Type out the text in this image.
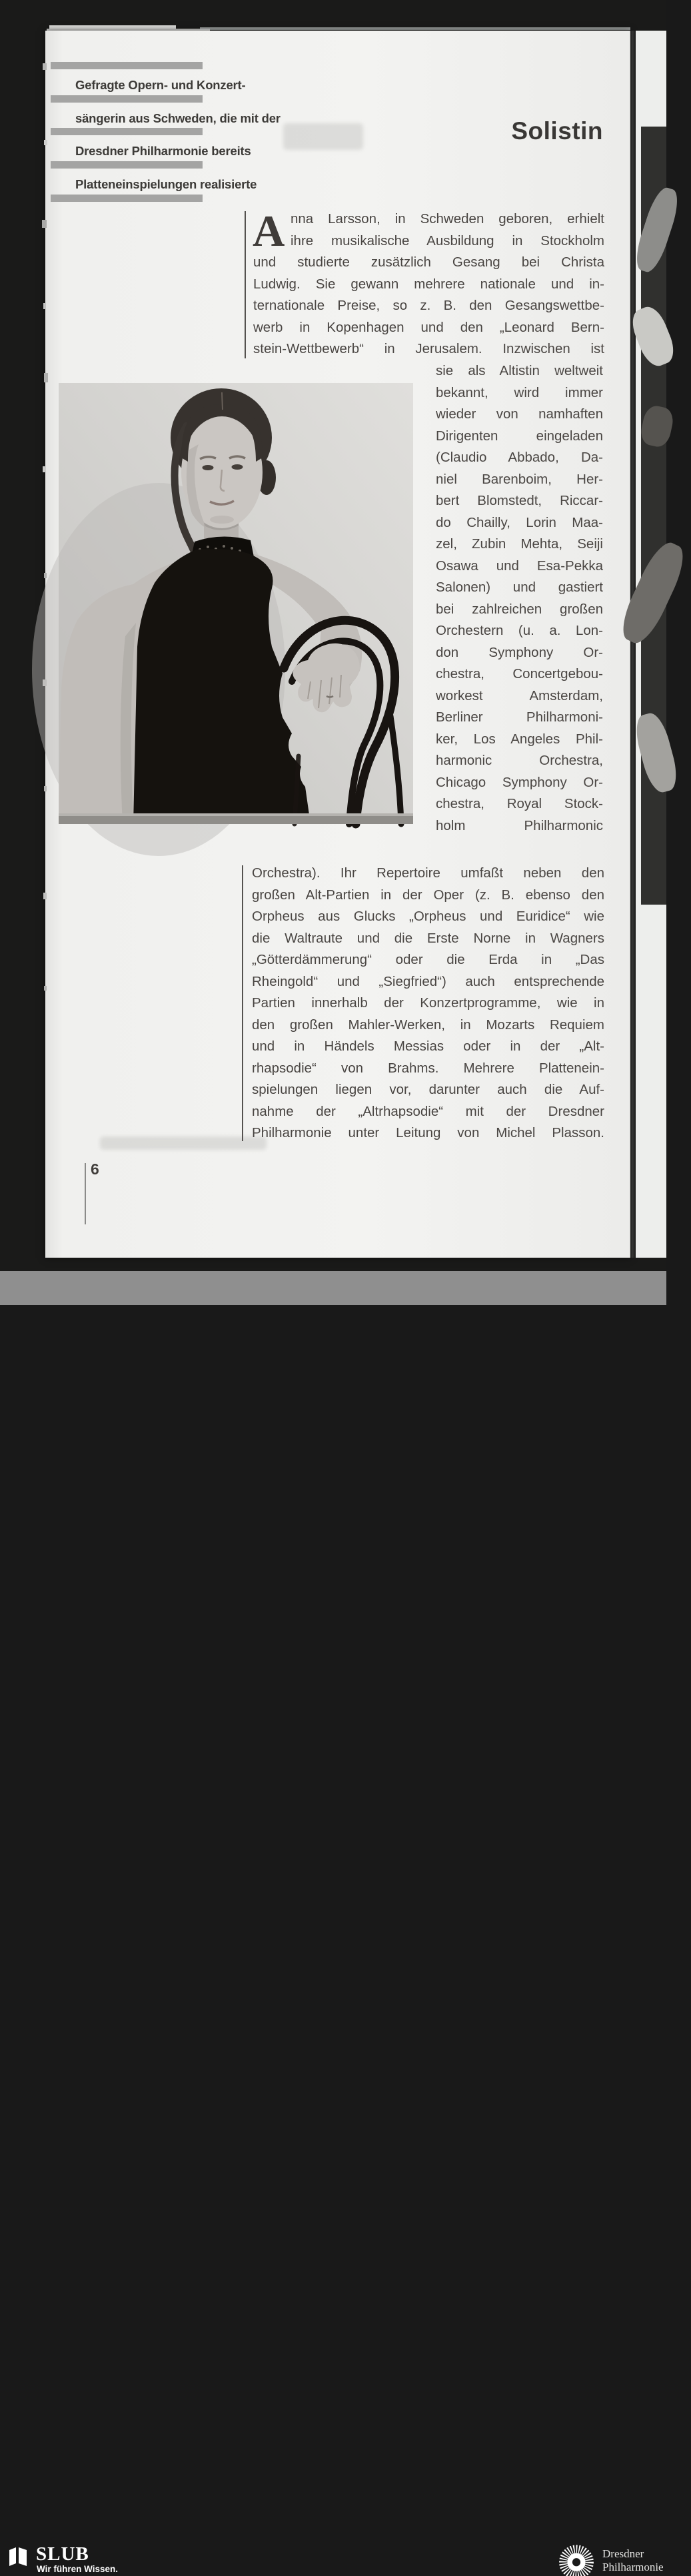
Gefragte Opern- und Konzert-
sängerin aus Schweden, die mit der
Dresdner Philharmonie bereits
Platteneinspielungen realisierte
Solistin
A nna Larsson, in Schweden geboren, erhielt
ihre musikalische Ausbildung in Stockholm
und studierte zusätzlich Gesang bei Christa
Ludwig. Sie gewann mehrere nationale und in-
ternationale Preise, so z. B. den Gesangswettbe-
werb in Kopenhagen und den „Leonard Bern-
stein-Wettbewerb“ in Jerusalem. Inzwischen ist
sie als Altistin weltweit
bekannt, wird immer
wieder von namhaften
Dirigenten eingeladen
(Claudio Abbado, Da-
niel Barenboim, Her-
bert Blomstedt, Riccar-
do Chailly, Lorin Maa-
zel, Zubin Mehta, Seiji
Osawa und Esa-Pekka
Salonen) und gastiert
bei zahlreichen großen
Orchestern (u. a. Lon-
don Symphony Or-
chestra, Concertgebou-
workest Amsterdam,
Berliner Philharmoni-
ker, Los Angeles Phil-
harmonic Orchestra,
Chicago Symphony Or-
chestra, Royal Stock-
holm Philharmonic
Orchestra). Ihr Repertoire umfaßt neben den
großen Alt-Partien in der Oper (z. B. ebenso den
Orpheus aus Glucks „Orpheus und Euridice“ wie
die Waltraute und die Erste Norne in Wagners
„Götterdämmerung“ oder die Erda in „Das
Rheingold“ und „Siegfried“) auch entsprechende
Partien innerhalb der Konzertprogramme, wie in
den großen Mahler-Werken, in Mozarts Requiem
und in Händels Messias oder in der „Alt-
rhapsodie“ von Brahms. Mehrere Plattenein-
spielungen liegen vor, darunter auch die Auf-
nahme der „Altrhapsodie“ mit der Dresdner
Philharmonie unter Leitung von Michel Plasson.
6
SLUB
Wir führen Wissen.
Dresdner
Philharmonie
